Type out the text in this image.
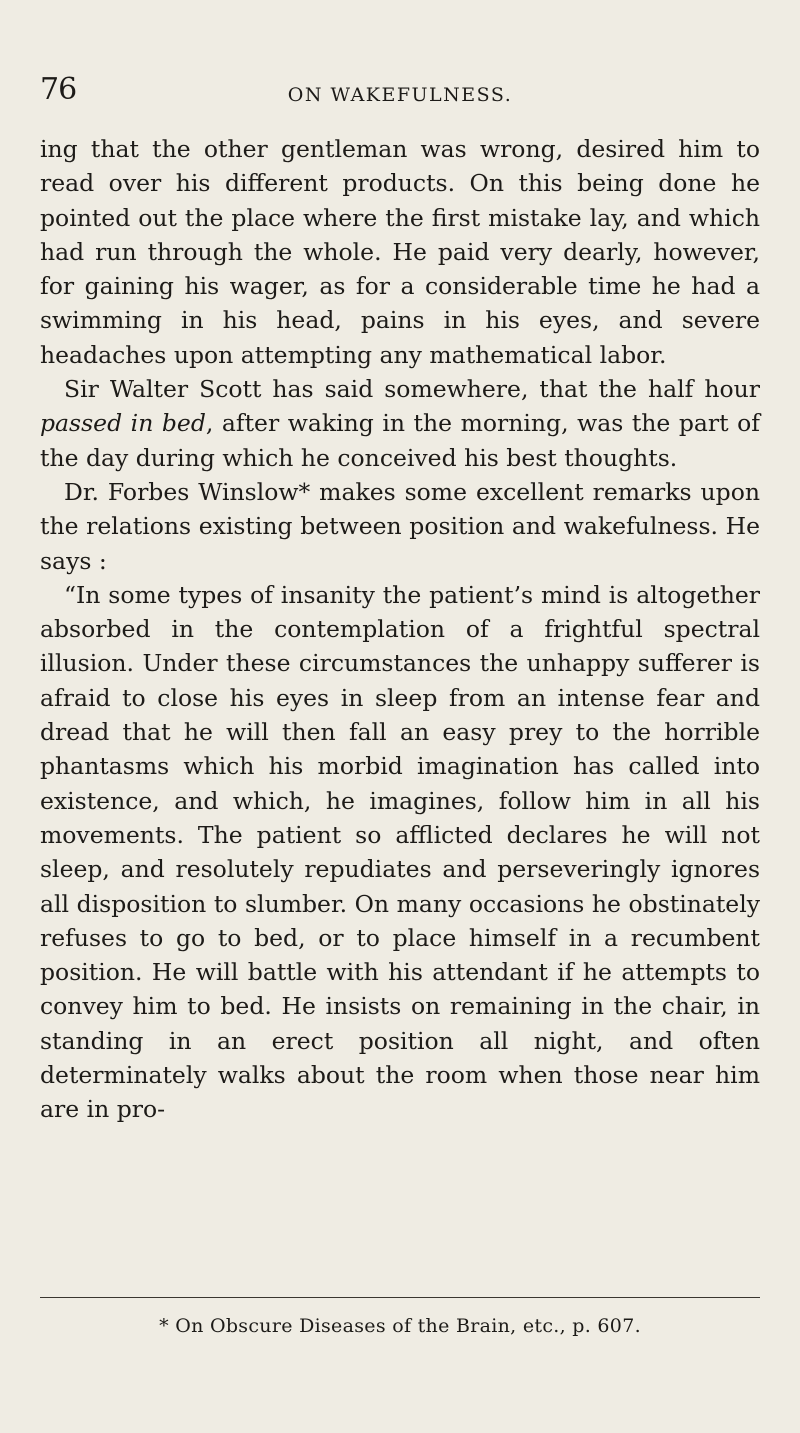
76	ON WAKEFULNESS.

ing that the other gentleman was wrong, desired him to read over his different products. On this being done he pointed out the place where the first mistake lay, and which had run through the whole. He paid very dearly, however, for gaining his wager, as for a considerable time he had a swimming in his head, pains in his eyes, and severe headaches upon attempting any mathematical labor.

Sir Walter Scott has said somewhere, that the half hour passed in bed, after waking in the morning, was the part of the day during which he conceived his best thoughts.

Dr. Forbes Winslow* makes some excellent remarks upon the relations existing between position and wakefulness. He says :

“In some types of insanity the patient’s mind is altogether absorbed in the contemplation of a frightful spectral illusion. Under these circumstances the unhappy sufferer is afraid to close his eyes in sleep from an intense fear and dread that he will then fall an easy prey to the horrible phantasms which his morbid imagination has called into existence, and which, he imagines, follow him in all his movements. The patient so afflicted declares he will not sleep, and resolutely repudiates and perseveringly ignores all disposition to slumber. On many occasions he obstinately refuses to go to bed, or to place himself in a recumbent position. He will battle with his attendant if he attempts to convey him to bed. He insists on remaining in the chair, in standing in an erect position all night, and often determinately walks about the room when those near him are in pro-

* On Obscure Diseases of the Brain, etc., p. 607.
